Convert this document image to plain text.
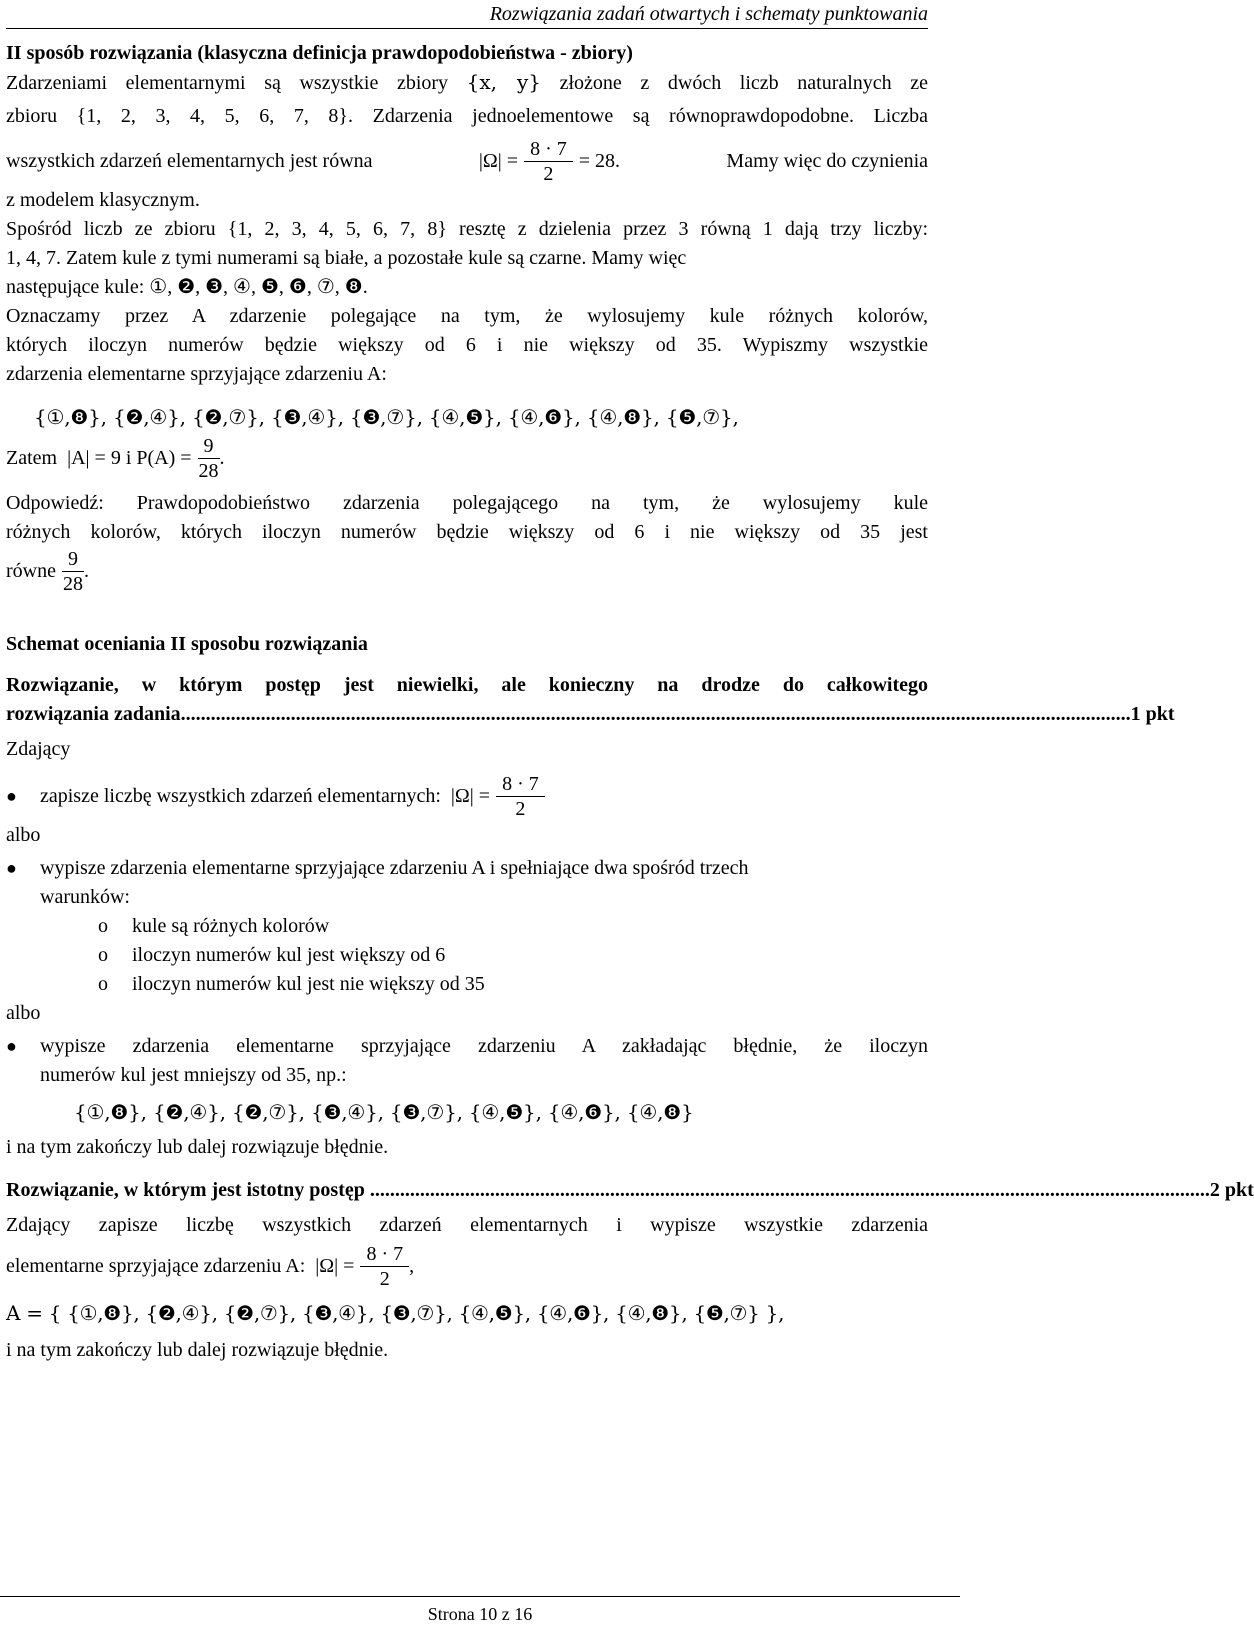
Rozwiązania zadań otwartych i schematy punktowania

II sposób rozwiązania (klasyczna definicja prawdopodobieństwa - zbiory)

Zdarzeniami elementarnymi są wszystkie zbiory {x, y} złożone z dwóch liczb naturalnych ze

zbioru {1, 2, 3, 4, 5, 6, 7, 8}. Zdarzenia jednoelementowe są równoprawdopodobne. Liczba

wszystkich zdarzeń elementarnych jest równa	$|\Omega| = \frac{8 \cdot 7}{2} = 28$.	Mamy więc do czynienia

z modelem klasycznym.

Spośród liczb ze zbioru {1, 2, 3, 4, 5, 6, 7, 8} resztę z dzielenia przez 3 równą 1 dają trzy liczby:

1, 4, 7. Zatem kule z tymi numerami są białe, a pozostałe kule są czarne. Mamy więc

następujące kule: ①, ❷, ❸, ④, ❺, ❻, ⑦, ❽.

Oznaczamy przez A zdarzenie polegające na tym, że wylosujemy kule różnych kolorów,

których iloczyn numerów będzie większy od 6 i nie większy od 35. Wypiszmy wszystkie

zdarzenia elementarne sprzyjające zdarzeniu A:

{①,❽}, {❷,④}, {❷,⑦}, {❸,④}, {❸,⑦}, {④,❺}, {④,❻}, {④,❽}, {❺,⑦},

Zatem
|A| = 9 i $P(A) = \frac{9}{28}$ .

Odpowiedź: Prawdopodobieństwo zdarzenia polegającego na tym, że wylosujemy kule

różnych kolorów, których iloczyn numerów będzie większy od 6 i nie większy od 35 jest

równe $\frac{9}{28}$ .

Schemat oceniania II sposobu rozwiązania

Rozwiązanie, w którym postęp jest niewielki, ale konieczny na drodze do całkowitego

rozwiązania zadania .............................................................................................................................................................................................. 1 pkt

Zdający

●	zapisze liczbę wszystkich zdarzeń elementarnych:
$|\Omega| = \frac{8 \cdot 7}{2}$

albo

●	wypisze zdarzenia elementarne sprzyjające zdarzeniu A i spełniające dwa spośród trzech
warunków:
o	kule są różnych kolorów
o	iloczyn numerów kul jest większy od 6
o	iloczyn numerów kul jest nie większy od 35

albo

●	wypisze zdarzenia elementarne sprzyjające zdarzeniu A zakładając błędnie, że iloczyn
numerów kul jest mniejszy od 35, np.:

{①,❽}, {❷,④}, {❷,⑦}, {❸,④}, {❸,⑦}, {④,❺}, {④,❻}, {④,❽}

i na tym zakończy lub dalej rozwiązuje błędnie.

Rozwiązanie, w którym jest istotny postęp ........................................................................................................................................................................ 2 pkt

Zdający zapisze liczbę wszystkich zdarzeń elementarnych i wypisze wszystkie zdarzenia

elementarne sprzyjające zdarzeniu A:
$|\Omega| = \frac{8 \cdot 7}{2}$ ,

A = { {①,❽}, {❷,④}, {❷,⑦}, {❸,④}, {❸,⑦}, {④,❺}, {④,❻}, {④,❽}, {❺,⑦} },

i na tym zakończy lub dalej rozwiązuje błędnie.

Strona 10 z 16
